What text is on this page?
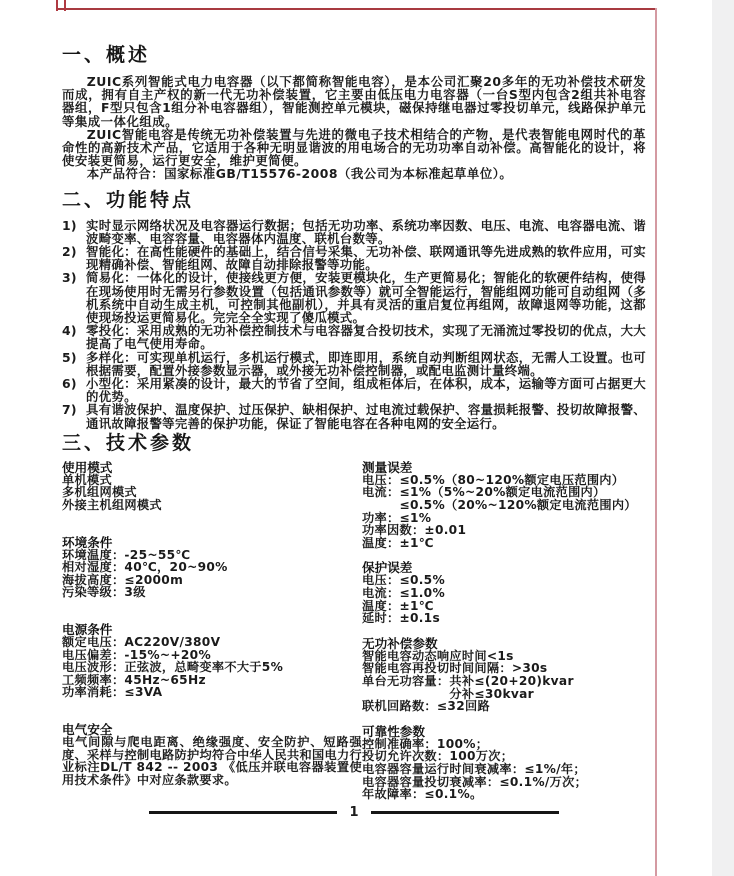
一、概述

ZUIC系列智能式电力电容器（以下都简称智能电容），是本公司汇聚20多年的无功补偿技术研发而成，拥有自主产权的新一代无功补偿装置，它主要由低压电力电容器（一台S型内包含2组共补电容器组，F型只包含1组分补电容器组），智能测控单元模块，磁保持继电器过零投切单元，线路保护单元等集成一体化组成。

ZUIC智能电容是传统无功补偿装置与先进的微电子技术相结合的产物，是代表智能电网时代的革命性的高新技术产品，它适用于各种无明显谐波的用电场合的无功功率自动补偿。高智能化的设计，将使安装更简易，运行更安全，维护更简便。

本产品符合：国家标准GB/T15576-2008（我公司为本标准起草单位）。

二、功能特点
1) 实时显示网络状况及电容器运行数据；包括无功功率、系统功率因数、电压、电流、电容器电流、谐波畸变率、电容容量、电容器体内温度、联机台数等。
2) 智能化：在高性能硬件的基础上，结合信号采集、无功补偿、联网通讯等先进成熟的软件应用，可实现精确补偿、智能组网、故障自动排除报警等功能。
3) 简易化：一体化的设计，使接线更方便，安装更模块化，生产更简易化；智能化的软硬件结构，使得在现场使用时无需另行参数设置（包括通讯参数等）就可全智能运行，智能组网功能可自动组网（多机系统中自动生成主机，可控制其他副机），并具有灵活的重启复位再组网，故障退网等功能，这都使现场投运更简易化。完完全全实现了傻瓜模式。
4) 零投化：采用成熟的无功补偿控制技术与电容器复合投切技术，实现了无涌流过零投切的优点，大大提高了电气使用寿命。
5) 多样化：可实现单机运行，多机运行模式，即连即用，系统自动判断组网状态，无需人工设置。也可根据需要，配置外接参数显示器，或外接无功补偿控制器，或配电监测计量终端。
6) 小型化：采用紧凑的设计，最大的节省了空间，组成柜体后，在体积，成本，运输等方面可占据更大的优势。
7) 具有谐波保护、温度保护、过压保护、缺相保护、过电流过载保护、容量损耗报警、投切故障报警、通讯故障报警等完善的保护功能，保证了智能电容在各种电网的安全运行。
三、技术参数
使用模式
单机模式
多机组网模式
外接主机组网模式
环境条件
环境温度：-25~55℃
相对湿度：40℃，20~90%
海拔高度：≤2000m
污染等级：3级
电源条件
额定电压：AC220V/380V
电压偏差：-15%~+20%
电压波形：正弦波，总畸变率不大于5%
工频频率：45Hz~65Hz
功率消耗：≤3VA
电气安全
电气间隙与爬电距离、绝缘强度、安全防护、短路强度、采样与控制电路防护均符合中华人民共和国电力行业标注DL/T 842 -- 2003 《低压并联电容器装置使用技术条件》中对应条款要求。
测量误差
电压：≤0.5%（80~120%额定电压范围内）
电流：≤1%（5%~20%额定电流范围内）
　　　≤0.5%（20%~120%额定电流范围内）
功率：≤1%
功率因数：±0.01
温度：±1℃
保护误差
电压：≤0.5%
电流：≤1.0%
温度：±1℃
延时：±0.1s
无功补偿参数
智能电容动态响应时间<1s
智能电容再投切时间间隔：>30s
单台无功容量：共补≤(20+20)kvar
　　　　　　　分补≤30kvar
联机回路数：≤32回路
可靠性参数
控制准确率：100%；
投切允许次数：100万次；
电容器容量运行时间衰减率：≤1%/年；
电容器容量投切衰减率：≤0.1%/万次；
年故障率：≤0.1%。
1
